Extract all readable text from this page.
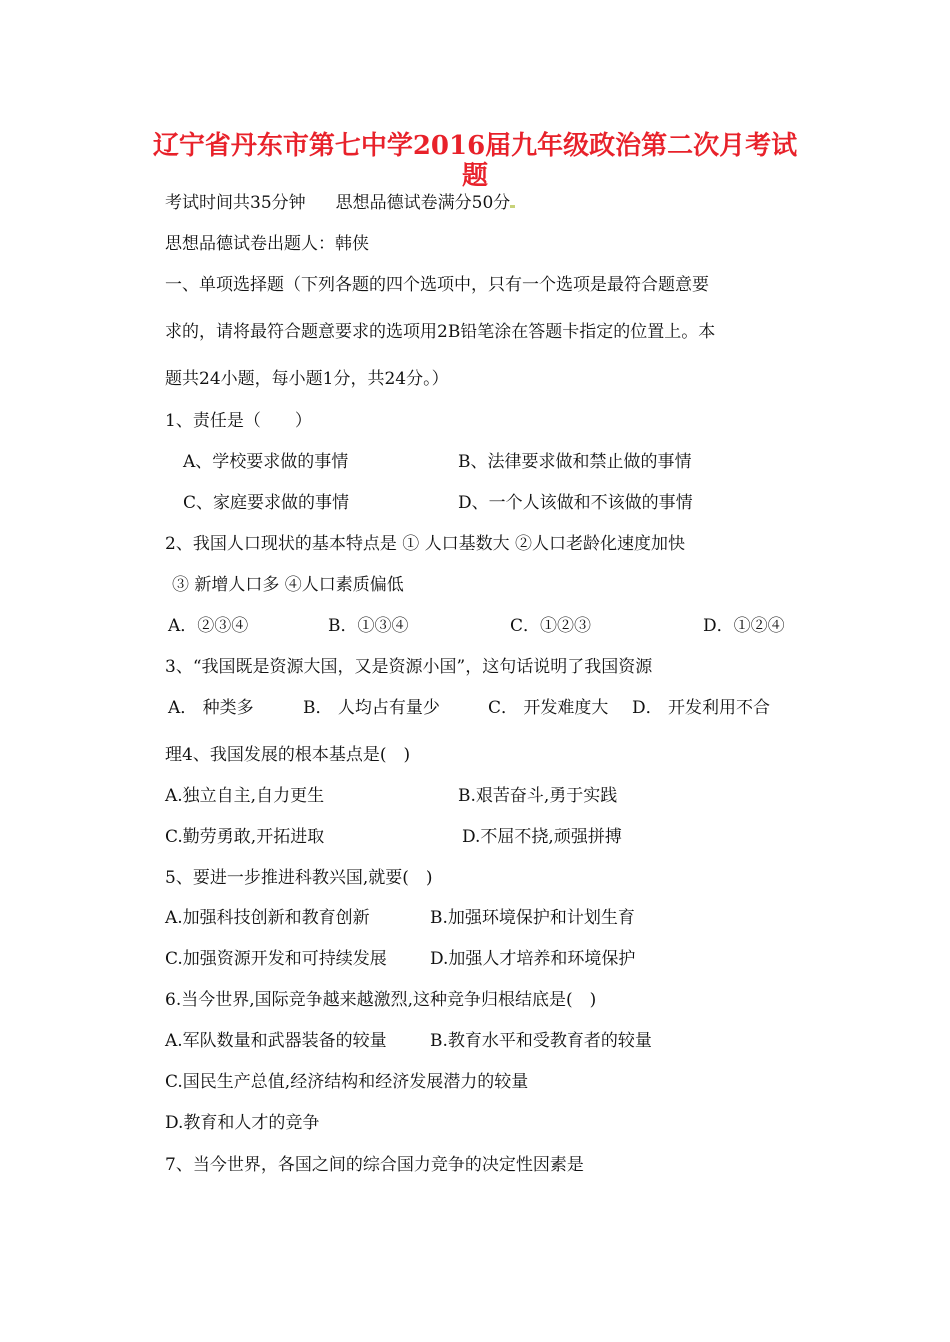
辽宁省丹东市第七中学2016届九年级政治第二次月考试
题
考试时间共35分钟 思想品德试卷满分50分
思想品德试卷出题人：韩侠
一、单项选择题（下列各题的四个选项中，只有一个选项是最符合题意要
求的，请将最符合题意要求的选项用2B铅笔涂在答题卡指定的位置上。本
题共24小题，每小题1分，共24分。）
1、责任是（　　）
A、学校要求做的事情	B、法律要求做和禁止做的事情
C、家庭要求做的事情	D、一个人该做和不该做的事情
2、我国人口现状的基本特点是 ① 人口基数大 ②人口老龄化速度加快
③ 新增人口多 ④人口素质偏低
A．②③④	B．①③④	C．①②③	D．①②④
3、“我国既是资源大国，又是资源小国”，这句话说明了我国资源
A． 种类多	B． 人均占有量少	C． 开发难度大 D． 开发利用不合
理4、我国发展的根本基点是(　)
A.独立自主,自力更生	B.艰苦奋斗,勇于实践
C.勤劳勇敢,开拓进取	D.不屈不挠,顽强拼搏
5、要进一步推进科教兴国,就要(　)
A.加强科技创新和教育创新	B.加强环境保护和计划生育
C.加强资源开发和可持续发展	D.加强人才培养和环境保护
6.当今世界,国际竞争越来越激烈,这种竞争归根结底是(　)
A.军队数量和武器装备的较量	B.教育水平和受教育者的较量
C.国民生产总值,经济结构和经济发展潜力的较量
D.教育和人才的竞争
7、当今世界，各国之间的综合国力竞争的决定性因素是
